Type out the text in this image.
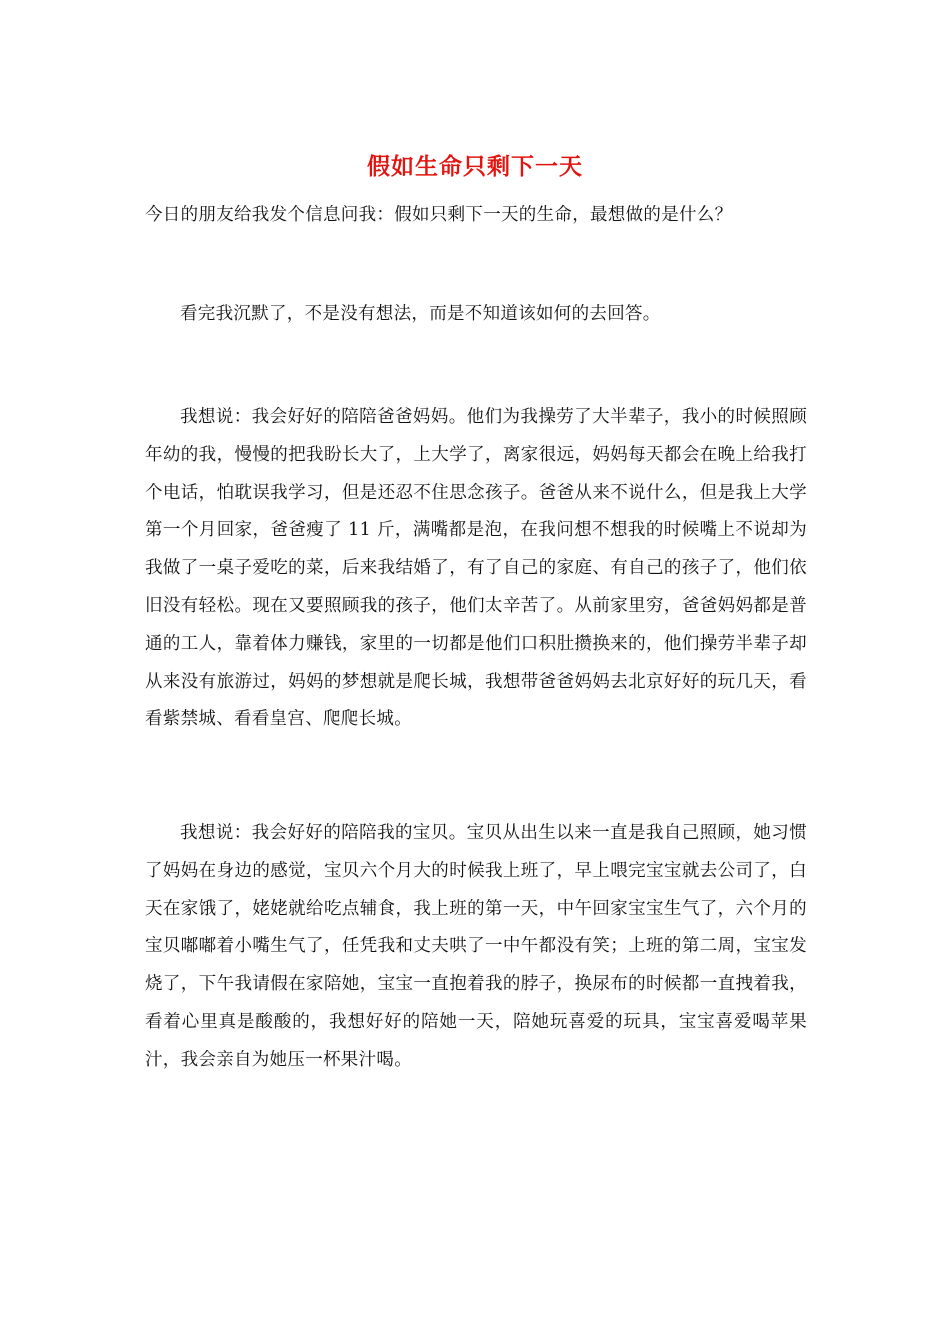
假如生命只剩下一天
今日的朋友给我发个信息问我：假如只剩下一天的生命，最想做的是什么？
看完我沉默了，不是没有想法，而是不知道该如何的去回答。
我想说：我会好好的陪陪爸爸妈妈。他们为我操劳了大半辈子，我小的时候照顾年幼的我，慢慢的把我盼长大了，上大学了，离家很远，妈妈每天都会在晚上给我打个电话，怕耽误我学习，但是还忍不住思念孩子。爸爸从来不说什么，但是我上大学第一个月回家，爸爸瘦了 11 斤，满嘴都是泡，在我问想不想我的时候嘴上不说却为我做了一桌子爱吃的菜，后来我结婚了，有了自己的家庭、有自己的孩子了，他们依旧没有轻松。现在又要照顾我的孩子，他们太辛苦了。从前家里穷，爸爸妈妈都是普通的工人，靠着体力赚钱，家里的一切都是他们口积肚攒换来的，他们操劳半辈子却从来没有旅游过，妈妈的梦想就是爬长城，我想带爸爸妈妈去北京好好的玩几天，看看紫禁城、看看皇宫、爬爬长城。
我想说：我会好好的陪陪我的宝贝。宝贝从出生以来一直是我自己照顾，她习惯了妈妈在身边的感觉，宝贝六个月大的时候我上班了，早上喂完宝宝就去公司了，白天在家饿了，姥姥就给吃点辅食，我上班的第一天，中午回家宝宝生气了，六个月的宝贝嘟嘟着小嘴生气了，任凭我和丈夫哄了一中午都没有笑；上班的第二周，宝宝发烧了，下午我请假在家陪她，宝宝一直抱着我的脖子，换尿布的时候都一直拽着我，看着心里真是酸酸的，我想好好的陪她一天，陪她玩喜爱的玩具，宝宝喜爱喝苹果汁，我会亲自为她压一杯果汁喝。
